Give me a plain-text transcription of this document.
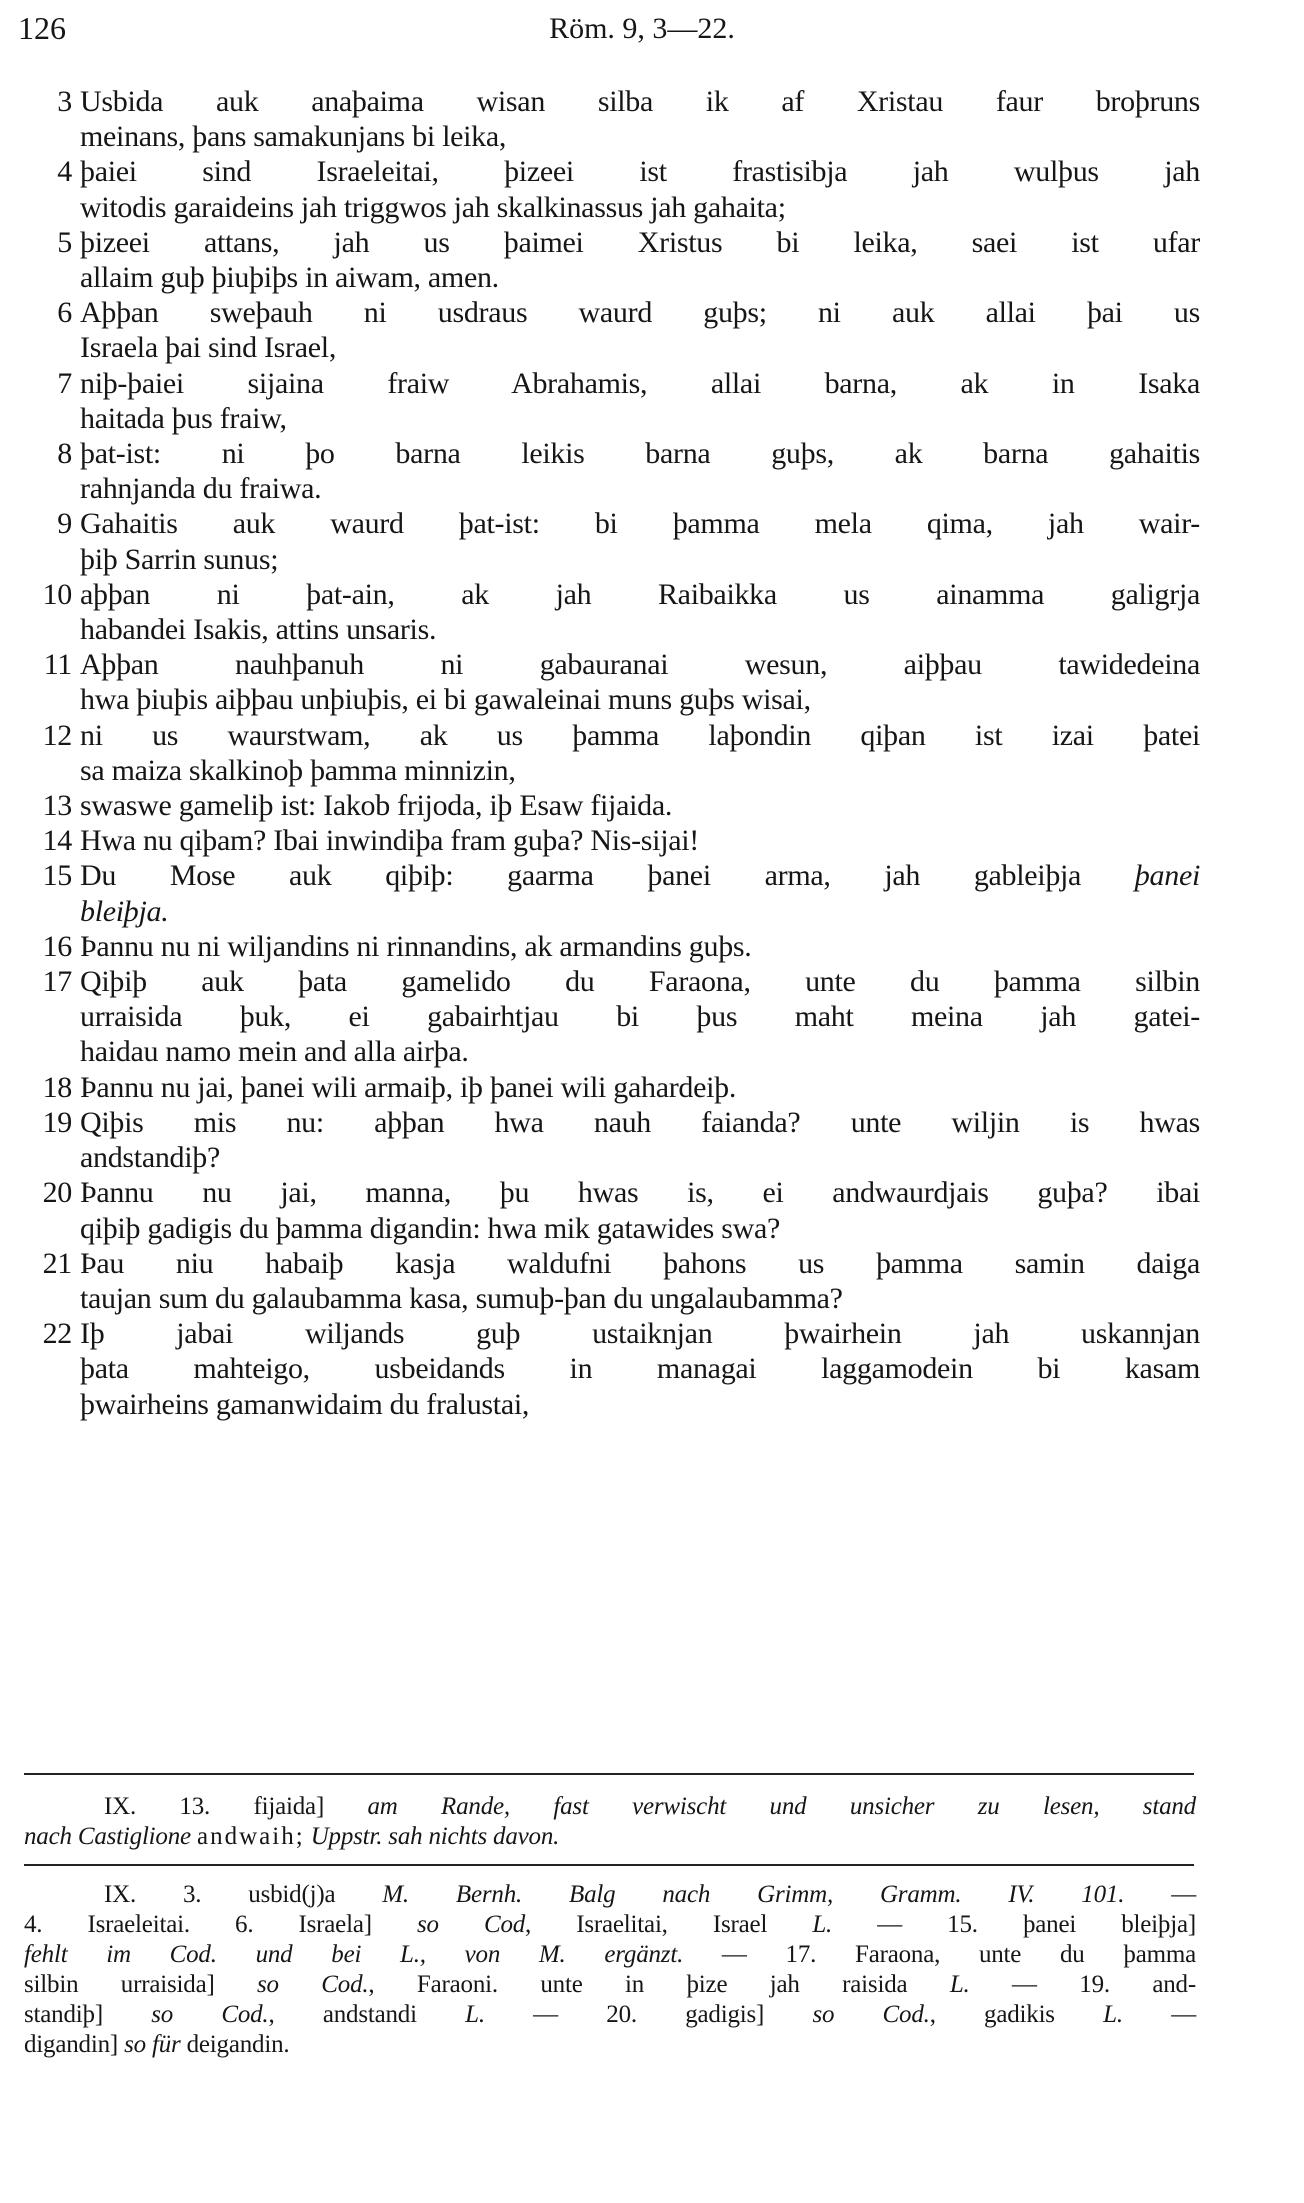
126	Röm. 9, 3—22.
3 Usbida auk anaþaima wisan silba ik af Xristau faur broþruns
meinans, þans samakunjans bi leika,
4 þaiei sind Israeleitai, þizeei ist frastisibja jah wulþus jah
witodis garaideins jah triggwos jah skalkinassus jah gahaita;
5 þizeei attans, jah us þaimei Xristus bi leika, saei ist ufar
allaim guþ þiuþiþs in aiwam, amen.
6 Aþþan sweþauh ni usdraus waurd guþs; ni auk allai þai us
Israela þai sind Israel,
7 niþ-þaiei sijaina fraiw Abrahamis, allai barna, ak in Isaka
haitada þus fraiw,
8 þat-ist: ni þo barna leikis barna guþs, ak barna gahaitis
rahnjanda du fraiwa.
9 Gahaitis auk waurd þat-ist: bi þamma mela qima, jah wair-
þiþ Sarrin sunus;
10 aþþan ni þat-ain, ak jah Raibaikka us ainamma galigrja
habandei Isakis, attins unsaris.
11 Aþþan nauhþanuh ni gabauranai wesun, aiþþau tawidedeina
hwa þiuþis aiþþau unþiuþis, ei bi gawaleinai muns guþs wisai,
12 ni us waurstwam, ak us þamma laþondin qiþan ist izai þatei
sa maiza skalkinoþ þamma minnizin,
13 swaswe gameliþ ist: Iakob frijoda, iþ Esaw fijaida.
14 Hwa nu qiþam? Ibai inwindiþa fram guþa? Nis-sijai!
15 Du Mose auk qiþiþ: gaarma þanei arma, jah gableiþja þanei
bleiþja.
16 Þannu nu ni wiljandins ni rinnandins, ak armandins guþs.
17 Qiþiþ auk þata gamelido du Faraona, unte du þamma silbin
urraisida þuk, ei gabairhtjau bi þus maht meina jah gatei-
haidau namo mein and alla airþa.
18 Þannu nu jai, þanei wili armaiþ, iþ þanei wili gahardeiþ.
19 Qiþis mis nu: aþþan hwa nauh faianda? unte wiljin is hwas
andstandiþ?
20 Þannu nu jai, manna, þu hwas is, ei andwaurdjais guþa? ibai
qiþiþ gadigis du þamma digandin: hwa mik gatawides swa?
21 Þau niu habaiþ kasja waldufni þahons us þamma samin daiga
taujan sum du galaubamma kasa, sumuþ-þan du ungalaubamma?
22 Iþ jabai wiljands guþ ustaiknjan þwairhein jah uskannjan
þata mahteigo, usbeidands in managai laggamodein bi kasam
þwairheins gamanwidaim du fralustai,
IX. 13. fijaida] am Rande, fast verwischt und unsicher zu lesen, stand
nach Castiglione andwaih; Uppstr. sah nichts davon.
IX. 3. usbid(j)a M. Bernh. Balg nach Grimm, Gramm. IV. 101. —
4. Israeleitai. 6. Israela] so Cod, Israelitai, Israel L. — 15. þanei bleiþja]
fehlt im Cod. und bei L., von M. ergänzt. — 17. Faraona, unte du þamma
silbin urraisida] so Cod., Faraoni. unte in þize jah raisida L. — 19. and-
standiþ] so Cod., andstandi L. — 20. gadigis] so Cod., gadikis L. —
digandin] so für deigandin.
